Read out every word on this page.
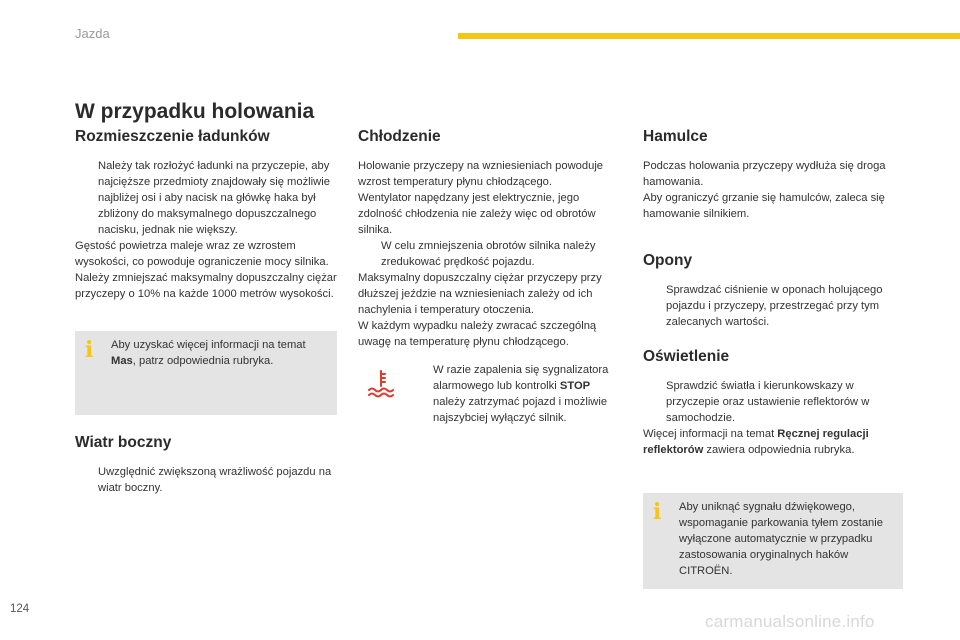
Jazda
W przypadku holowania
Rozmieszczenie ładunków
Należy tak rozłożyć ładunki na przyczepie, aby najcięższe przedmioty znajdowały się możliwie najbliżej osi i aby nacisk na główkę haka był zbliżony do maksymalnego dopuszczalnego nacisku, jednak nie większy.

Gęstość powietrza maleje wraz ze wzrostem wysokości, co powoduje ograniczenie mocy silnika. Należy zmniejszać maksymalny dopuszczalny ciężar przyczepy o 10% na każde 1000 metrów wysokości.

i	Aby uzyskać więcej informacji na temat Mas, patrz odpowiednia rubryka.

Wiatr boczny
Uwzględnić zwiększoną wrażliwość pojazdu na wiatr boczny.
Chłodzenie

Holowanie przyczepy na wzniesieniach powoduje wzrost temperatury płynu chłodzącego.

Wentylator napędzany jest elektrycznie, jego zdolność chłodzenia nie zależy więc od obrotów silnika.

W celu zmniejszenia obrotów silnika należy zredukować prędkość pojazdu.

Maksymalny dopuszczalny ciężar przyczepy przy dłuższej jeździe na wzniesieniach zależy od ich nachylenia i temperatury otoczenia.

W każdym wypadku należy zwracać szczególną uwagę na temperaturę płynu chłodzącego.

W razie zapalenia się sygnalizatora alarmowego lub kontrolki STOP należy zatrzymać pojazd i możliwie najszybciej wyłączyć silnik.
Hamulce

Podczas holowania przyczepy wydłuża się droga hamowania.

Aby ograniczyć grzanie się hamulców, zaleca się hamowanie silnikiem.

Opony
Sprawdzać ciśnienie w oponach holującego pojazdu i przyczepy, przestrzegać przy tym zalecanych wartości.
Oświetlenie
Sprawdzić światła i kierunkowskazy w przyczepie oraz ustawienie reflektorów w samochodzie.

Więcej informacji na temat Ręcznej regulacji reflektorów zawiera odpowiednia rubryka.

i	Aby uniknąć sygnału dźwiękowego, wspomaganie parkowania tyłem zostanie wyłączone automatycznie w przypadku zastosowania oryginalnych haków CITROËN.

124
carmanualsonline.info
